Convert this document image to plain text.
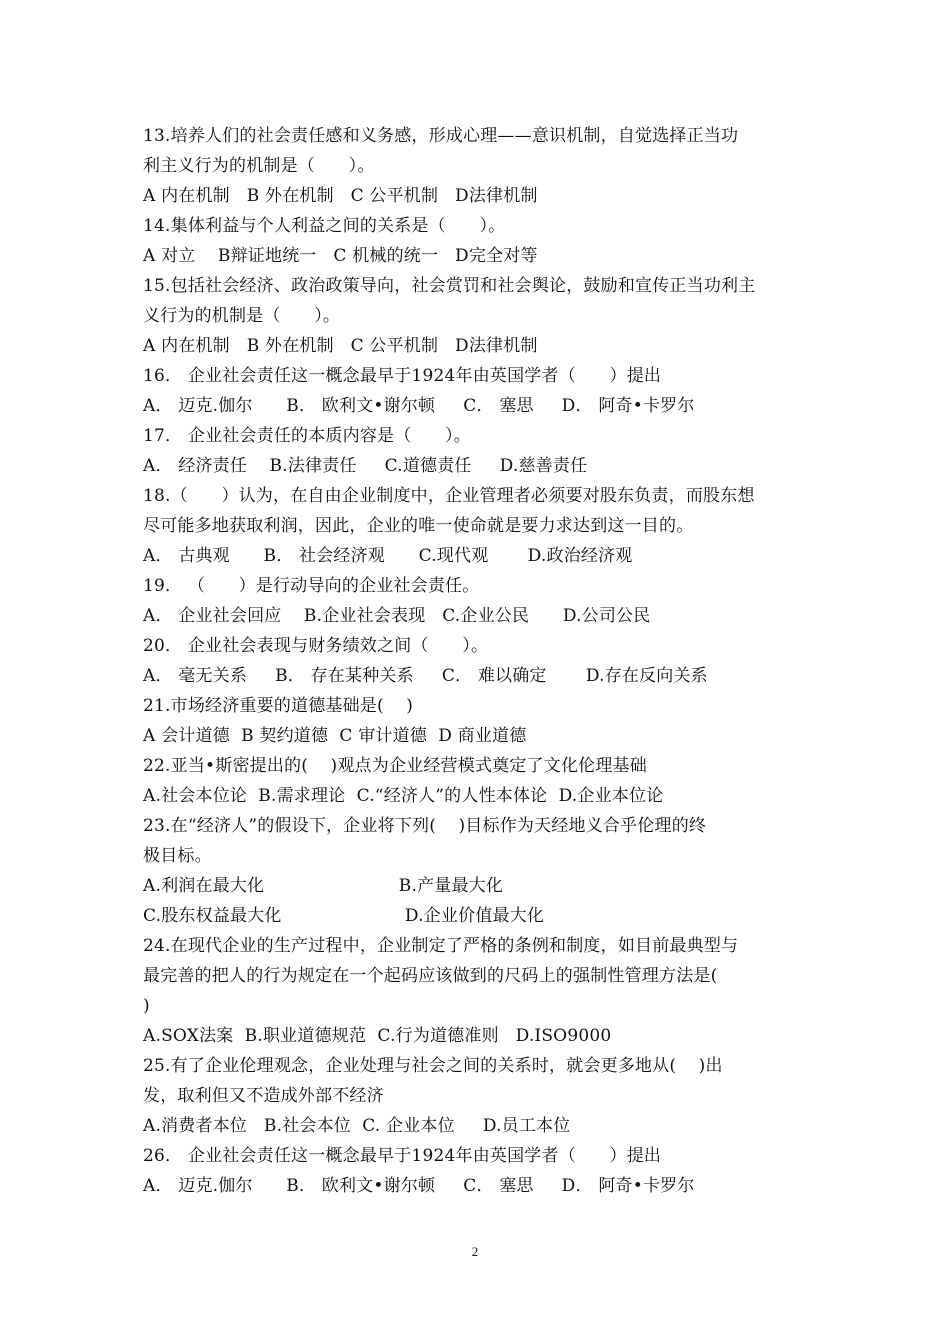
13.培养人们的社会责任感和义务感，形成心理——意识机制，自觉选择正当功
利主义行为的机制是（      ）。
A 内在机制   B 外在机制   C 公平机制   D法律机制
14.集体利益与个人利益之间的关系是（      ）。
A 对立    B辩证地统一   C 机械的统一   D完全对等
15.包括社会经济、政治政策导向，社会赏罚和社会舆论，鼓励和宣传正当功利主
义行为的机制是（      ）。
A 内在机制   B 外在机制   C 公平机制   D法律机制
16． 企业社会责任这一概念最早于1924年由英国学者（      ）提出
A． 迈克.伽尔      B． 欧利文•谢尔顿     C． 塞思     D． 阿奇•卡罗尔
17． 企业社会责任的本质内容是（      ）。
A． 经济责任    B.法律责任     C.道德责任     D.慈善责任
18.（      ）认为，在自由企业制度中，企业管理者必须要对股东负责，而股东想
尽可能多地获取利润，因此，企业的唯一使命就是要力求达到这一目的。
A． 古典观      B． 社会经济观      C.现代观       D.政治经济观
19． （      ）是行动导向的企业社会责任。
A． 企业社会回应    B.企业社会表现   C.企业公民      D.公司公民
20． 企业社会表现与财务绩效之间（      ）。
A． 毫无关系     B． 存在某种关系     C． 难以确定       D.存在反向关系
21.市场经济重要的道德基础是(    )
A 会计道德  B 契约道德  C 审计道德  D 商业道德
22.亚当•斯密提出的(    )观点为企业经营模式奠定了文化伦理基础
A.社会本位论  B.需求理论  C.“经济人”的人性本体论  D.企业本位论
23.在“经济人”的假设下，企业将下列(    )目标作为天经地义合乎伦理的终
极目标。
A.利润在最大化                        B.产量最大化
C.股东权益最大化                      D.企业价值最大化
24.在现代企业的生产过程中，企业制定了严格的条例和制度，如目前最典型与
最完善的把人的行为规定在一个起码应该做到的尺码上的强制性管理方法是(
)
A.SOX法案  B.职业道德规范  C.行为道德准则   D.ISO9000
25.有了企业伦理观念，企业处理与社会之间的关系时，就会更多地从(    )出
发，取利但又不造成外部不经济
A.消费者本位   B.社会本位  C. 企业本位     D.员工本位
26． 企业社会责任这一概念最早于1924年由英国学者（      ）提出
A． 迈克.伽尔      B． 欧利文•谢尔顿     C． 塞思     D． 阿奇•卡罗尔
2
